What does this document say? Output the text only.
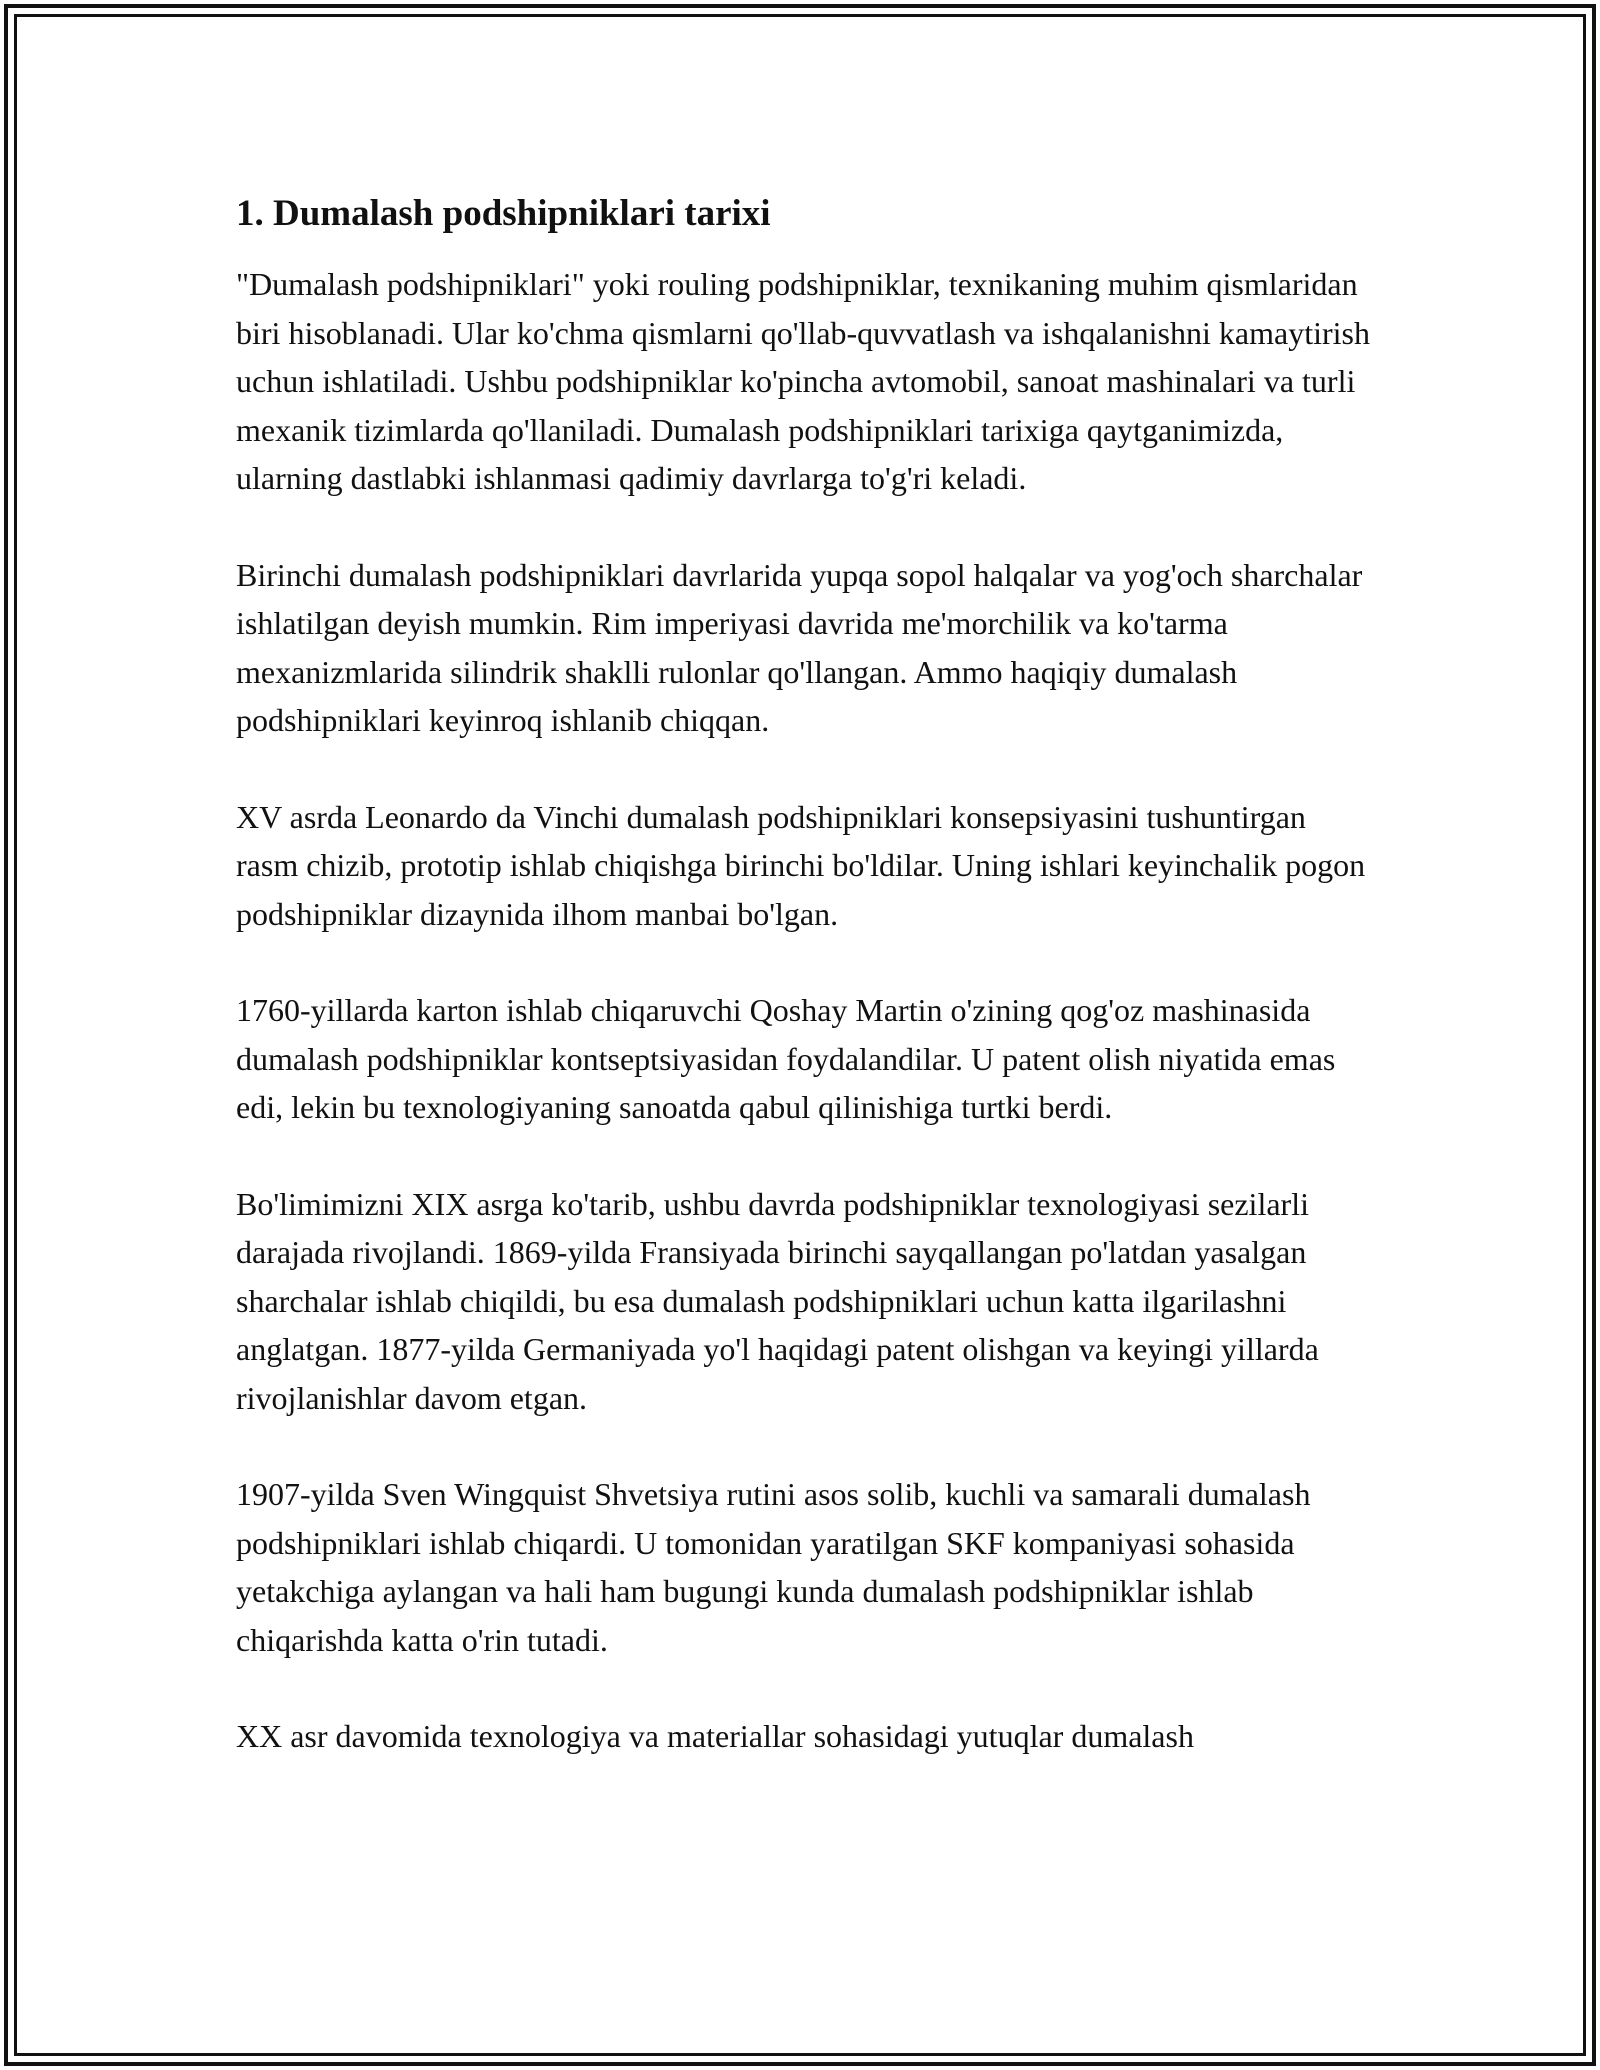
1. Dumalash podshipniklari tarixi

"Dumalash podshipniklari" yoki rouling podshipniklar, texnikaning muhim qismlaridan biri hisoblanadi. Ular ko'chma qismlarni qo'llab-quvvatlash va ishqalanishni kamaytirish uchun ishlatiladi. Ushbu podshipniklar ko'pincha avtomobil, sanoat mashinalari va turli mexanik tizimlarda qo'llaniladi. Dumalash podshipniklari tarixiga qaytganimizda, ularning dastlabki ishlanmasi qadimiy davrlarga to'g'ri keladi.

Birinchi dumalash podshipniklari davrlarida yupqa sopol halqalar va yog'och sharchalar ishlatilgan deyish mumkin. Rim imperiyasi davrida me'morchilik va ko'tarma mexanizmlarida silindrik shaklli rulonlar qo'llangan. Ammo haqiqiy dumalash podshipniklari keyinroq ishlanib chiqqan.

XV asrda Leonardo da Vinchi dumalash podshipniklari konsepsiyasini tushuntirgan rasm chizib, prototip ishlab chiqishga birinchi bo'ldilar. Uning ishlari keyinchalik pogon podshipniklar dizaynida ilhom manbai bo'lgan.

1760-yillarda karton ishlab chiqaruvchi Qoshay Martin o'zining qog'oz mashinasida dumalash podshipniklar kontseptsiyasidan foydalandilar. U patent olish niyatida emas edi, lekin bu texnologiyaning sanoatda qabul qilinishiga turtki berdi.

Bo'limimizni XIX asrga ko'tarib, ushbu davrda podshipniklar texnologiyasi sezilarli darajada rivojlandi. 1869-yilda Fransiyada birinchi sayqallangan po'latdan yasalgan sharchalar ishlab chiqildi, bu esa dumalash podshipniklari uchun katta ilgarilashni anglatgan. 1877-yilda Germaniyada yo'l haqidagi patent olishgan va keyingi yillarda rivojlanishlar davom etgan.

1907-yilda Sven Wingquist Shvetsiya rutini asos solib, kuchli va samarali dumalash podshipniklari ishlab chiqardi. U tomonidan yaratilgan SKF kompaniyasi sohasida yetakchiga aylangan va hali ham bugungi kunda dumalash podshipniklar ishlab chiqarishda katta o'rin tutadi.

XX asr davomida texnologiya va materiallar sohasidagi yutuqlar dumalash
